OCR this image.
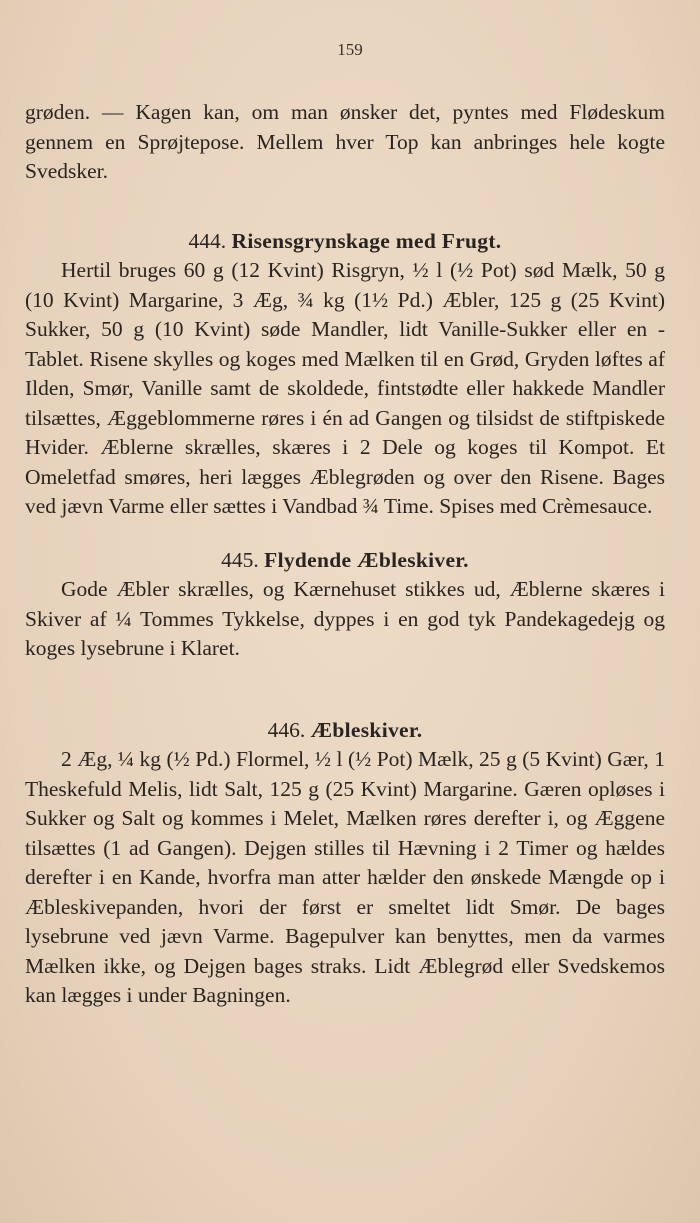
159

grøden. — Kagen kan, om man ønsker det, pyntes med Flødeskum gennem en Sprøjtepose. Mellem hver Top kan anbringes hele kogte Svedsker.

444. Risensgrynskage med Frugt.

Hertil bruges 60 g (12 Kvint) Risgryn, ½ l (½ Pot) sød Mælk, 50 g (10 Kvint) Margarine, 3 Æg, ¾ kg (1½ Pd.) Æbler, 125 g (25 Kvint) Sukker, 50 g (10 Kvint) søde Mandler, lidt Vanille-Sukker eller en -Tablet. Risene skylles og koges med Mælken til en Grød, Gryden løftes af Ilden, Smør, Vanille samt de skoldede, fintstødte eller hakkede Mandler tilsættes, Æggeblommerne røres i én ad Gangen og tilsidst de stiftpiskede Hvider. Æblerne skrælles, skæres i 2 Dele og koges til Kompot. Et Omeletfad smøres, heri lægges Æblegrøden og over den Risene. Bages ved jævn Varme eller sættes i Vandbad ¾ Time. Spises med Crèmesauce.

445. Flydende Æbleskiver.

Gode Æbler skrælles, og Kærnehuset stikkes ud, Æblerne skæres i Skiver af ¼ Tommes Tykkelse, dyppes i en god tyk Pandekagedejg og koges lysebrune i Klaret.

446. Æbleskiver.

2 Æg, ¼ kg (½ Pd.) Flormel, ½ l (½ Pot) Mælk, 25 g (5 Kvint) Gær, 1 Theskefuld Melis, lidt Salt, 125 g (25 Kvint) Margarine. Gæren opløses i Sukker og Salt og kommes i Melet, Mælken røres derefter i, og Æggene tilsættes (1 ad Gangen). Dejgen stilles til Hævning i 2 Timer og hældes derefter i en Kande, hvorfra man atter hælder den ønskede Mængde op i Æbleskivepanden, hvori der først er smeltet lidt Smør. De bages lysebrune ved jævn Varme. Bagepulver kan benyttes, men da varmes Mælken ikke, og Dejgen bages straks. Lidt Æblegrød eller Svedskemos kan lægges i under Bagningen.
